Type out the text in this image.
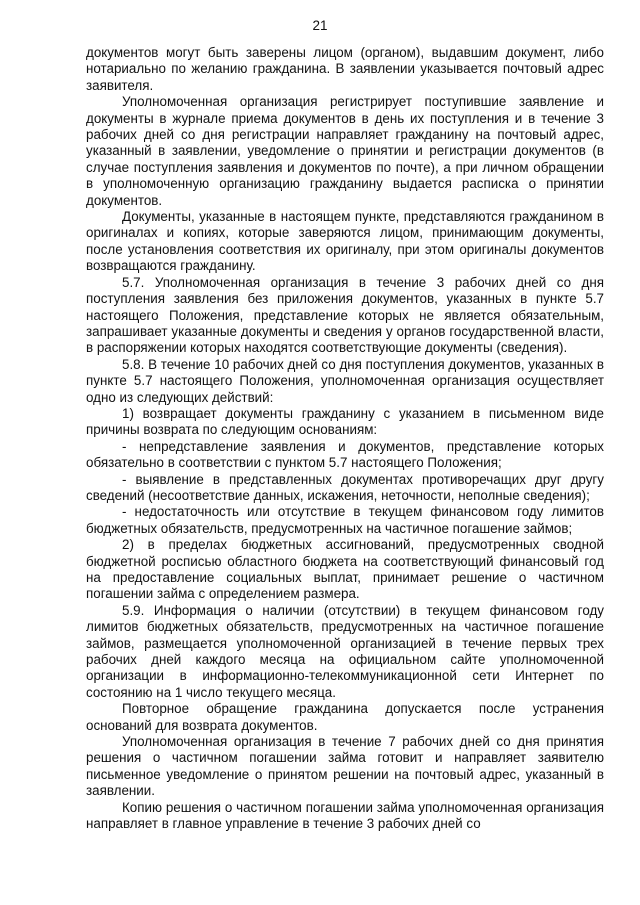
21

документов могут быть заверены лицом (органом), выдавшим документ, либо нотариально по желанию гражданина. В заявлении указывается почтовый адрес заявителя.

Уполномоченная организация регистрирует поступившие заявление и документы в журнале приема документов в день их поступления и в течение 3 рабочих дней со дня регистрации направляет гражданину на почтовый адрес, указанный в заявлении, уведомление о принятии и регистрации документов (в случае поступления заявления и документов по почте), а при личном обращении в уполномоченную организацию гражданину выдается расписка о принятии документов.

Документы, указанные в настоящем пункте, представляются гражданином в оригиналах и копиях, которые заверяются лицом, принимающим документы, после установления соответствия их оригиналу, при этом оригиналы документов возвращаются гражданину.

5.7. Уполномоченная организация в течение 3 рабочих дней со дня поступления заявления без приложения документов, указанных в пункте 5.7 настоящего Положения, представление которых не является обязательным, запрашивает указанные документы и сведения у органов государственной власти, в распоряжении которых находятся соответствующие документы (сведения).

5.8. В течение 10 рабочих дней со дня поступления документов, указанных в пункте 5.7 настоящего Положения, уполномоченная организация осуществляет одно из следующих действий:

1) возвращает документы гражданину с указанием в письменном виде причины возврата по следующим основаниям:

- непредставление заявления и документов, представление которых обязательно в соответствии с пунктом 5.7 настоящего Положения;

- выявление в представленных документах противоречащих друг другу сведений (несоответствие данных, искажения, неточности, неполные сведения);

- недостаточность или отсутствие в текущем финансовом году лимитов бюджетных обязательств, предусмотренных на частичное погашение займов;

2) в пределах бюджетных ассигнований, предусмотренных сводной бюджетной росписью областного бюджета на соответствующий финансовый год на предоставление социальных выплат, принимает решение о частичном погашении займа с определением размера.

5.9. Информация о наличии (отсутствии) в текущем финансовом году лимитов бюджетных обязательств, предусмотренных на частичное погашение займов, размещается уполномоченной организацией в течение первых трех рабочих дней каждого месяца на официальном сайте уполномоченной организации в информационно-телекоммуникационной сети Интернет по состоянию на 1 число текущего месяца.

Повторное обращение гражданина допускается после устранения оснований для возврата документов.

Уполномоченная организация в течение 7 рабочих дней со дня принятия решения о частичном погашении займа готовит и направляет заявителю письменное уведомление о принятом решении на почтовый адрес, указанный в заявлении.

Копию решения о частичном погашении займа уполномоченная организация направляет в главное управление в течение 3 рабочих дней со
